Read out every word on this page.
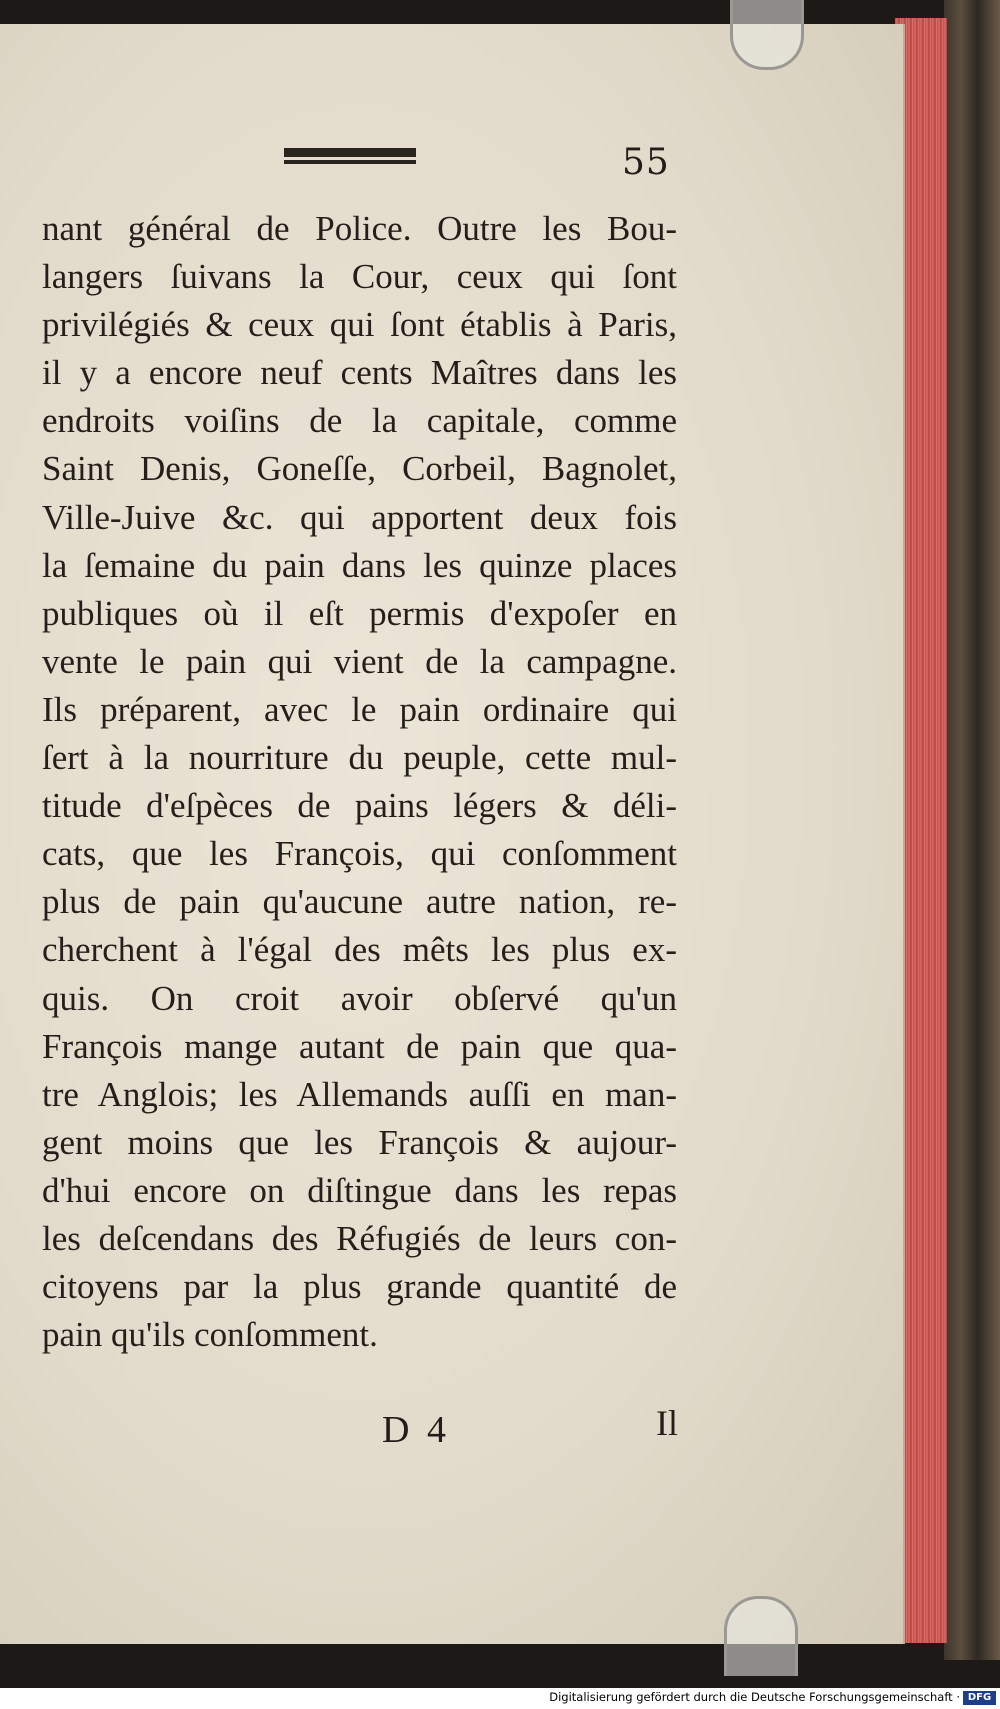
55
nant général de Police. Outre les Bou-
langers ſuivans la Cour, ceux qui ſont
privilégiés & ceux qui ſont établis à Paris,
il y a encore neuf cents Maîtres dans les
endroits voiſins de la capitale, comme
Saint Denis, Goneſſe, Corbeil, Bagnolet,
Ville-Juive &c. qui apportent deux fois
la ſemaine du pain dans les quinze places
publiques où il eſt permis d'expoſer en
vente le pain qui vient de la campagne.
Ils préparent, avec le pain ordinaire qui
ſert à la nourriture du peuple, cette mul-
titude d'eſpèces de pains légers & déli-
cats, que les François, qui conſomment
plus de pain qu'aucune autre nation, re-
cherchent à l'égal des mêts les plus ex-
quis. On croit avoir obſervé qu'un
François mange autant de pain que qua-
tre Anglois; les Allemands auſſi en man-
gent moins que les François & aujour-
d'hui encore on diſtingue dans les repas
les deſcendans des Réfugiés de leurs con-
citoyens par la plus grande quantité de
pain qu'ils conſomment.
D 4	Il
Digitalisierung gefördert durch die Deutsche Forschungsgemeinschaft · DFG
